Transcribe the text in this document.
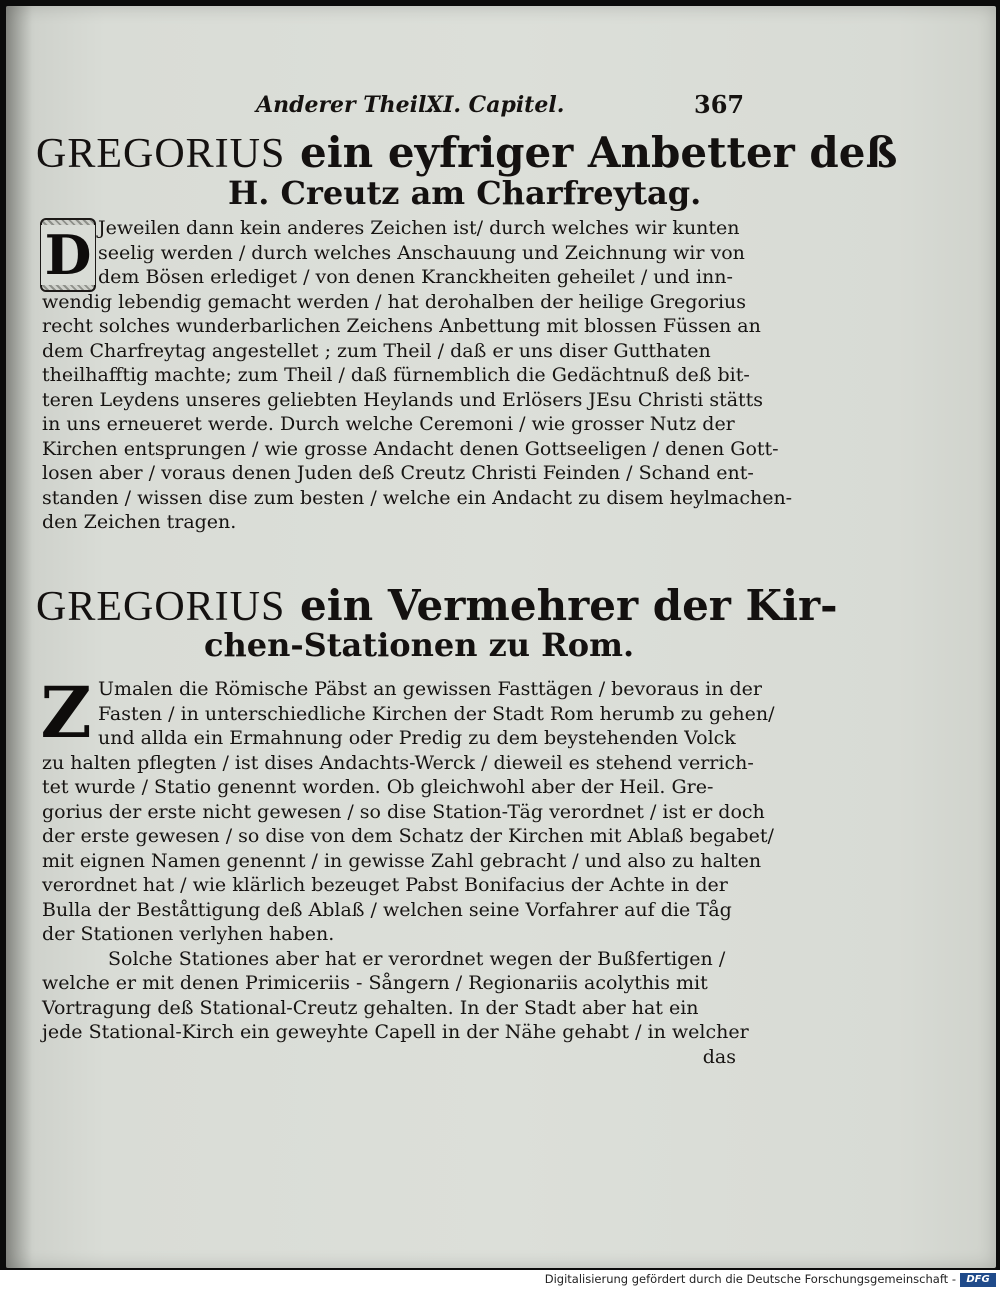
Anderer Theil.
XI. Capitel.	367
GREGORIUS ein eyfriger Anbetter deß
H. Creutz am Charfreytag.
D Jeweilen dann kein anderes Zeichen ist/ durch welches wir kunten
seelig werden / durch welches Anschauung und Zeichnung wir von
dem Bösen erlediget / von denen Kranckheiten geheilet / und inn-
wendig lebendig gemacht werden / hat derohalben der heilige Gregorius
recht solches wunderbarlichen Zeichens Anbettung mit blossen Füssen an
dem Charfreytag angestellet ; zum Theil / daß er uns diser Gutthaten
theilhafftig machte; zum Theil / daß fürnemblich die Gedächtnuß deß bit-
teren Leydens unseres geliebten Heylands und Erlösers JEsu Christi stätts
in uns erneueret werde. Durch welche Ceremoni / wie grosser Nutz der
Kirchen entsprungen / wie grosse Andacht denen Gottseeligen / denen Gott-
losen aber / voraus denen Juden deß Creutz Christi Feinden / Schand ent-
standen / wissen dise zum besten / welche ein Andacht zu disem heylmachen-
den Zeichen tragen.
GREGORIUS ein Vermehrer der Kir-
chen-Stationen zu Rom.
Z Umalen die Römische Päbst an gewissen Fasttägen / bevoraus in der
Fasten / in unterschiedliche Kirchen der Stadt Rom herumb zu gehen/
und allda ein Ermahnung oder Predig zu dem beystehenden Volck
zu halten pflegten / ist dises Andachts-Werck / dieweil es stehend verrich-
tet wurde / Statio genennt worden. Ob gleichwohl aber der Heil. Gre-
gorius der erste nicht gewesen / so dise Station-Täg verordnet / ist er doch
der erste gewesen / so dise von dem Schatz der Kirchen mit Ablaß begabet/
mit eignen Namen genennt / in gewisse Zahl gebracht / und also zu halten
verordnet hat / wie klärlich bezeuget Pabst Bonifacius der Achte in der
Bulla der Beståttigung deß Ablaß / welchen seine Vorfahrer auf die Tåg
der Stationen verlyhen haben.
Solche Stationes aber hat er verordnet wegen der Bußfertigen /
welche er mit denen Primiceriis - Sångern / Regionariis acolythis mit
Vortragung deß Stational-Creutz gehalten. In der Stadt aber hat ein
jede Stational-Kirch ein geweyhte Capell in der Nähe gehabt / in welcher
das
Digitalisierung gefördert durch die Deutsche Forschungsgemeinschaft -	DFG
